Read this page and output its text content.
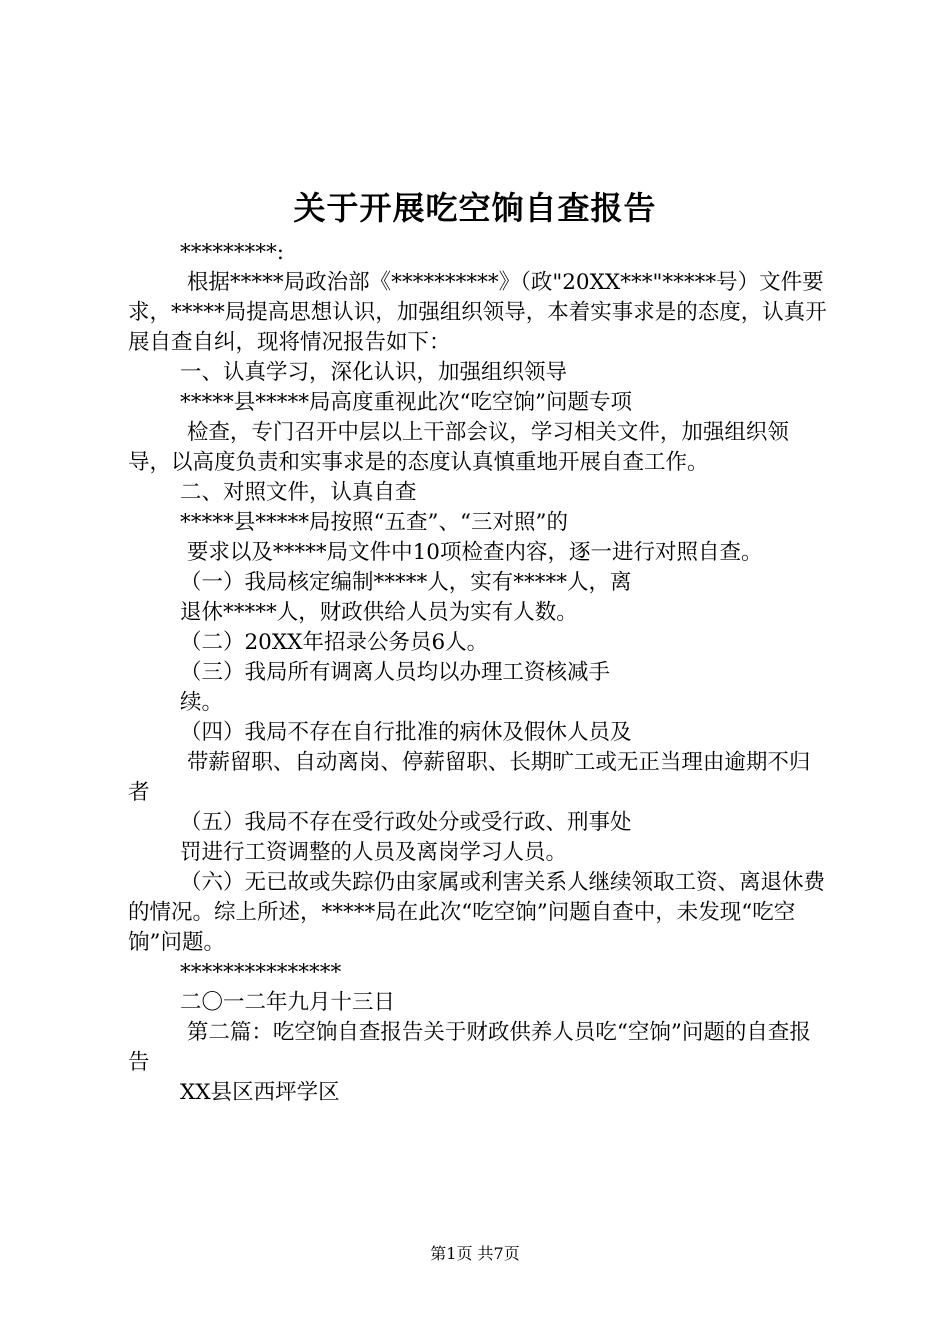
关于开展吃空饷自查报告

*********:

根据*****局政治部《**********》（政"20XX***"*****号）文件要求，*****局提高思想认识，加强组织领导，本着实事求是的态度，认真开展自查自纠，现将情况报告如下：

一、认真学习，深化认识，加强组织领导

*****县*****局高度重视此次“吃空饷”问题专项

检查，专门召开中层以上干部会议，学习相关文件，加强组织领导，以高度负责和实事求是的态度认真慎重地开展自查工作。

二、对照文件，认真自查

*****县*****局按照“五查”、“三对照”的

要求以及*****局文件中10项检查内容，逐一进行对照自查。

（一）我局核定编制*****人，实有*****人，离

退休*****人，财政供给人员为实有人数。

（二）20XX年招录公务员6人。

（三）我局所有调离人员均以办理工资核减手

续。

（四）我局不存在自行批准的病休及假休人员及

带薪留职、自动离岗、停薪留职、长期旷工或无正当理由逾期不归者

（五）我局不存在受行政处分或受行政、刑事处

罚进行工资调整的人员及离岗学习人员。

（六）无已故或失踪仍由家属或利害关系人继续领取工资、离退休费的情况。综上所述，*****局在此次“吃空饷”问题自查中，未发现“吃空饷”问题。

***************

二〇一二年九月十三日

第二篇：吃空饷自查报告关于财政供养人员吃“空饷”问题的自查报告

XX县区西坪学区

第1页 共7页
